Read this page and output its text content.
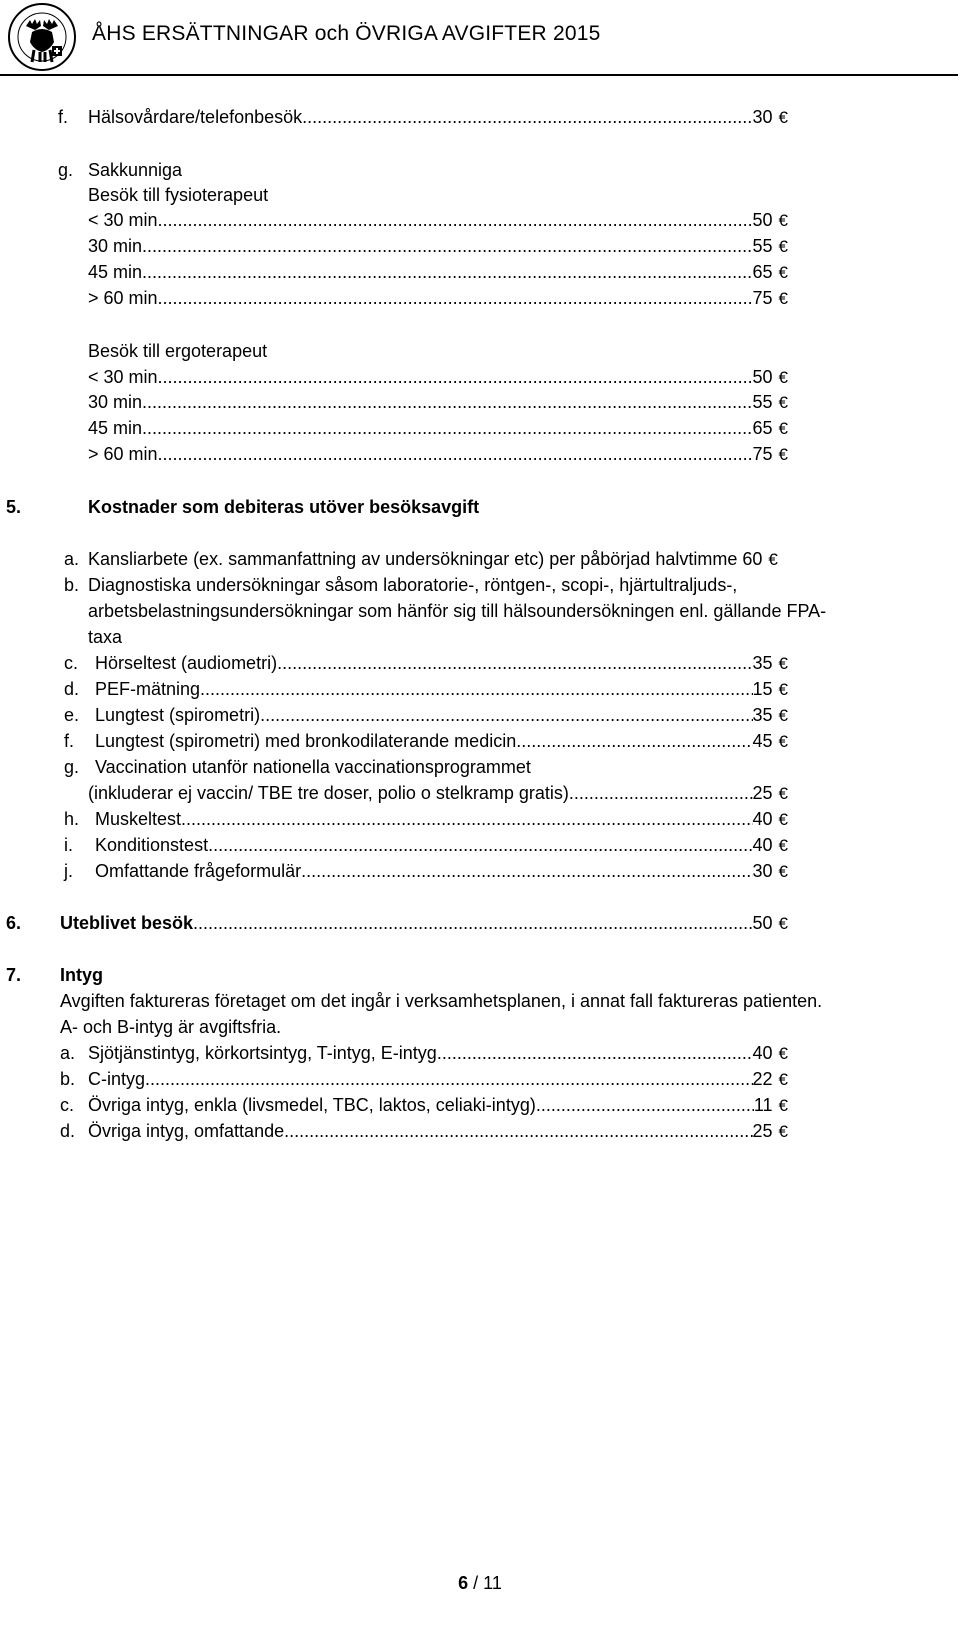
ÅHS ERSÄTTNINGAR och ÖVRIGA AVGIFTER 2015
f. Hälsovårdare/telefonbesök .....	30 €
g. Sakkunniga
Besök till fysioterapeut
< 30 min .....	50 €
30 min .....	55 €
45 min .....	65 €
> 60 min .....	75 €
Besök till ergoterapeut
< 30 min .....	50 €
30 min .....	55 €
45 min .....	65 €
> 60 min .....	75 €
5.	Kostnader som debiteras utöver besöksavgift
a. Kansliarbete (ex. sammanfattning av undersökningar etc) per påbörjad halvtimme 60 €
b. Diagnostiska undersökningar såsom laboratorie-, röntgen-, scopi-, hjärtultraljuds-,
arbetsbelastningsundersökningar som hänför sig till hälsoundersökningen enl. gällande FPA-
taxa
c. Hörseltest (audiometri) .....	35 €
d. PEF-mätning .....	15 €
e. Lungtest (spirometri) .....	35 €
f. Lungtest (spirometri) med bronkodilaterande medicin .....	45 €
g. Vaccination utanför nationella vaccinationsprogrammet
(inkluderar ej vaccin/ TBE tre doser, polio o stelkramp gratis) .....	25 €
h. Muskeltest .....	40 €
i. Konditionstest .....	40 €
j. Omfattande frågeformulär .....	30 €
6. Uteblivet besök .....	50 €
7. Intyg
Avgiften faktureras företaget om det ingår i verksamhetsplanen, i annat fall faktureras patienten.
A- och B-intyg är avgiftsfria.
a. Sjötjänstintyg, körkortsintyg, T-intyg, E-intyg .....	40 €
b. C-intyg .....	22 €
c. Övriga intyg, enkla (livsmedel, TBC, laktos, celiaki-intyg) .....	11 €
d. Övriga intyg, omfattande .....	25 €
6 / 11
